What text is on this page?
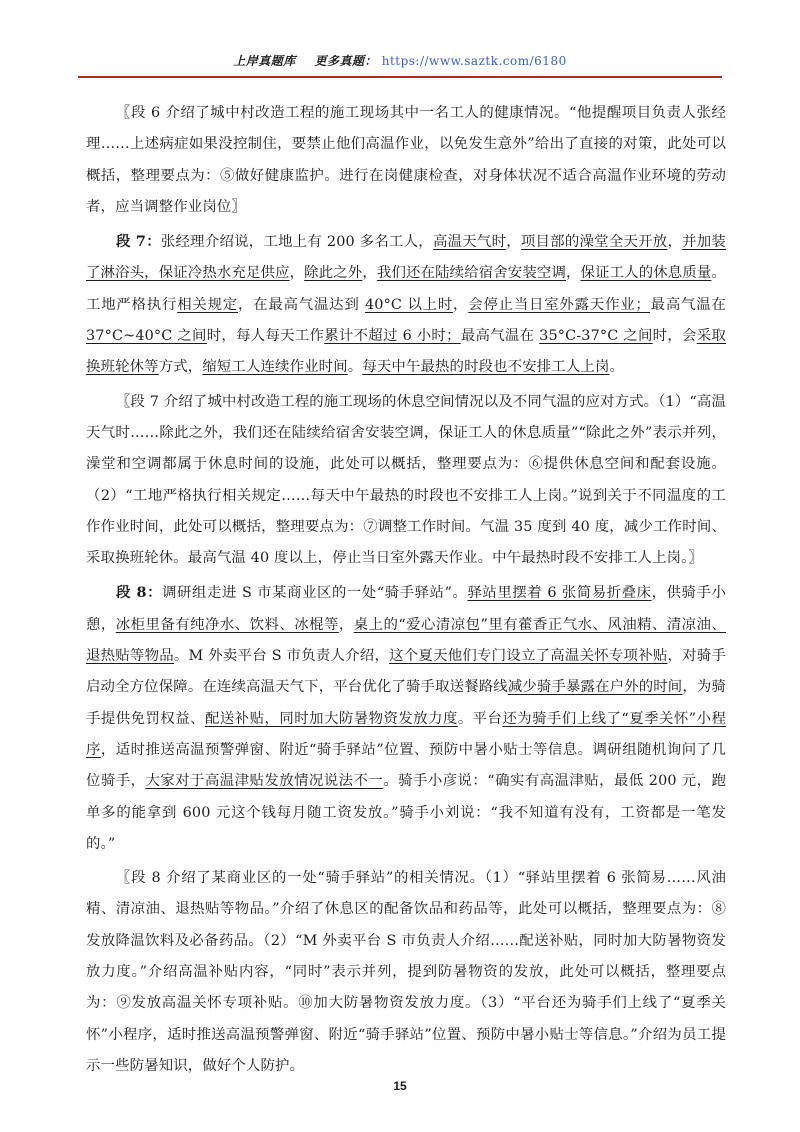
上岸真题库 更多真题： https://www.saztk.com/6180

〖段 6 介绍了城中村改造工程的施工现场其中一名工人的健康情况。“他提醒项目负责人张经理……上述病症如果没控制住，要禁止他们高温作业，以免发生意外”给出了直接的对策，此处可以概括，整理要点为：⑤做好健康监护。进行在岗健康检查，对身体状况不适合高温作业环境的劳动者，应当调整作业岗位〗

段 7：张经理介绍说，工地上有 200 多名工人，高温天气时，项目部的澡堂全天开放，并加装了淋浴头，保证冷热水充足供应，除此之外，我们还在陆续给宿舍安装空调，保证工人的休息质量。工地严格执行相关规定，在最高气温达到 40°C 以上时，会停止当日室外露天作业；最高气温在 37°C~40°C 之间时，每人每天工作累计不超过 6 小时；最高气温在 35°C-37°C 之间时，会采取换班轮休等方式，缩短工人连续作业时间。每天中午最热的时段也不安排工人上岗。

〖段 7 介绍了城中村改造工程的施工现场的休息空间情况以及不同气温的应对方式。（1）“高温天气时……除此之外，我们还在陆续给宿舍安装空调，保证工人的休息质量”“除此之外”表示并列，澡堂和空调都属于休息时间的设施，此处可以概括，整理要点为：⑥提供休息空间和配套设施。（2）“工地严格执行相关规定……每天中午最热的时段也不安排工人上岗。”说到关于不同温度的工作作业时间，此处可以概括，整理要点为：⑦调整工作时间。气温 35 度到 40 度，减少工作时间、采取换班轮休。最高气温 40 度以上，停止当日室外露天作业。中午最热时段不安排工人上岗。〗

段 8：调研组走进 S 市某商业区的一处“骑手驿站”。驿站里摆着 6 张简易折叠床，供骑手小憩，冰柜里备有纯净水、饮料、冰棍等，桌上的“爱心清凉包”里有藿香正气水、风油精、清凉油、退热贴等物品。M 外卖平台 S 市负责人介绍，这个夏天他们专门设立了高温关怀专项补贴，对骑手启动全方位保障。在连续高温天气下，平台优化了骑手取送餐路线减少骑手暴露在户外的时间，为骑手提供免罚权益、配送补贴，同时加大防暑物资发放力度。平台还为骑手们上线了“夏季关怀”小程序，适时推送高温预警弹窗、附近“骑手驿站”位置、预防中暑小贴士等信息。调研组随机询问了几位骑手，大家对于高温津贴发放情况说法不一。骑手小彦说：“确实有高温津贴，最低 200 元，跑单多的能拿到 600 元这个钱每月随工资发放。”骑手小刘说：“我不知道有没有，工资都是一笔发的。”

〖段 8 介绍了某商业区的一处“骑手驿站”的相关情况。（1）“驿站里摆着 6 张简易……风油精、清凉油、退热贴等物品。”介绍了休息区的配备饮品和药品等，此处可以概括，整理要点为：⑧发放降温饮料及必备药品。（2）“M 外卖平台 S 市负责人介绍……配送补贴，同时加大防暑物资发放力度。”介绍高温补贴内容，“同时”表示并列，提到防暑物资的发放，此处可以概括，整理要点为：⑨发放高温关怀专项补贴。⑩加大防暑物资发放力度。（3）“平台还为骑手们上线了“夏季关怀”小程序，适时推送高温预警弹窗、附近“骑手驿站”位置、预防中暑小贴士等信息。”介绍为员工提示一些防暑知识，做好个人防护。

15
